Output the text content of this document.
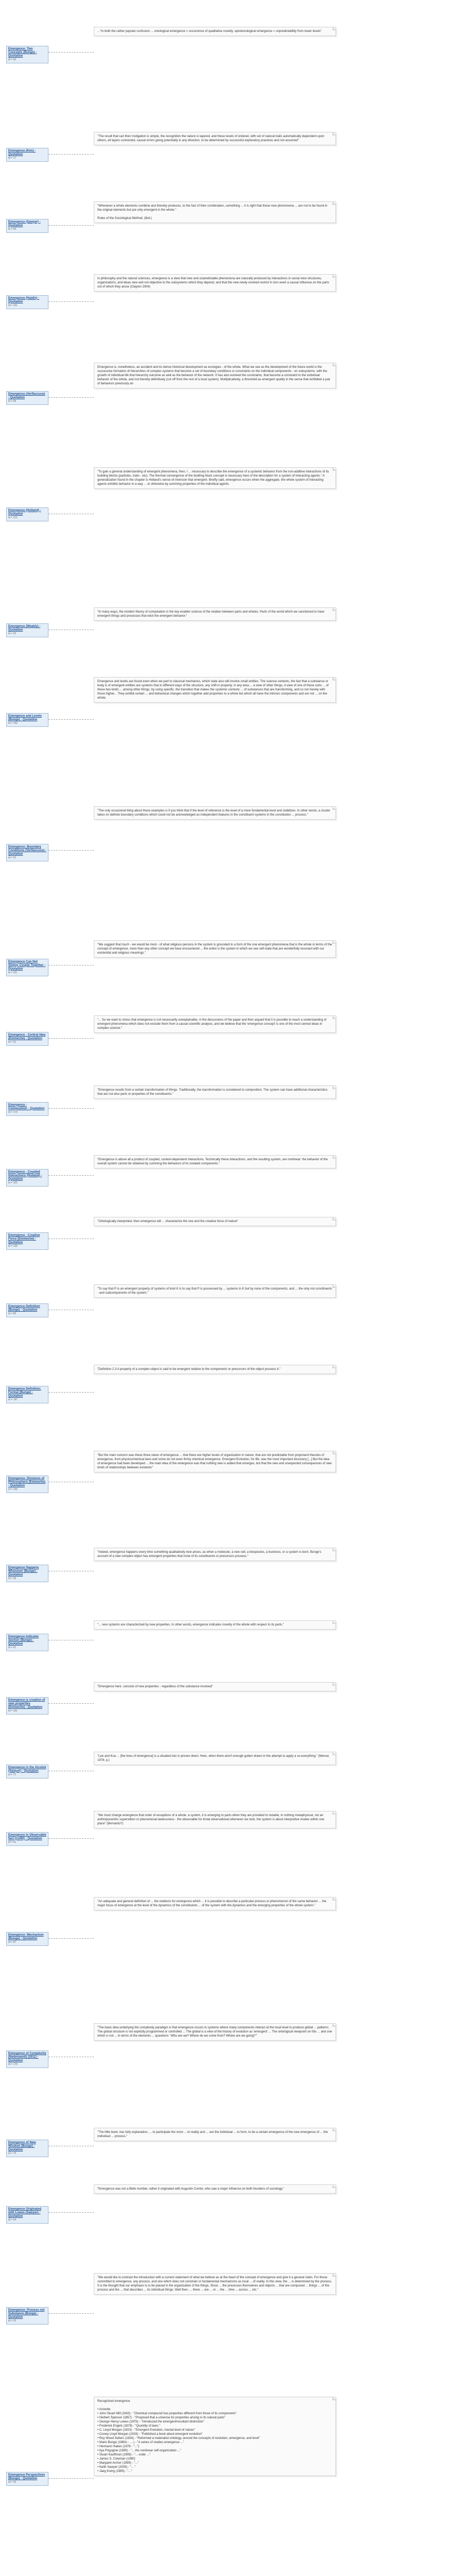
Emergence: Two Concepts (Bunge) - Quotation
id = 52
..."In both the rather popular confusion ... ontological emergence = occurrence of qualitative novelty; epistemological emergence = unpredictability from lower levels"
Emergence (Kim) - Quotation
id = 17
"The result that can then Instigation is simple, the recognition the nature is layered, and these levels of ordered, with set of natural traits automatically dependent upon others, all layers connected, causal errors going potentially in any direction, to be determined by successful exploratory practices and not assumed"
Emergence (Sawyer) - Quotation
id = 64
"Whenever a whole elements combine and thereby produces, to the fact of their combination, something ... it is right that these new phenomena ... are not to be found in the original elements but are only emergent in the whole."

Rules of the Sociological Method, (ibid.)
Emergence (Haidin) - Quotation
id = 101
In philosophy and the natural sciences, emergence is a view that new and unpredictable phenomena are naturally produced by interactions in social view structures, organizations, and ideas new and not objective to the subsystems which they depend, and that the new newly evolved restrict in turn exert a causal influence on the parts out of which they arose (Clayton 2004)
Emergence (Verflaccuce) - Quotation
id = 58
Emergence is, nonetheless, an accident and its derive historical development as ecologies - of the whole. What we see as the development of the future world is the successive formation of hierarchies of complex systems that become a set of boundary conditions or constraints on the individual components - on subsystems, with the growth of individual life that hierarchy outcome as well as the behavior of the network. It has also evolved the constraints, that become a constraint to the individual behavior of the whole, and not thereby definitively (cut off from the rest of a local system). Multiplicatively, a threshold as emergent quality in the sense that exhibited a pair of behaviors previously an
Emergence (Holland) - Quotation
id = 113
"To gain a general understanding of emergent phenomena, then, I ... necessary to describe the emergence of a systemic behavior from the non-additive interactions of its building blocks (particles, traits - etc). The thermal convergence of the building block concept is necessary here of the description for a system of interacting agents." A generalization found in the chapter is Holland's sense of inversion that emergent. Briefly said, emergence occurs when the aggregate, the whole system of interacting agents exhibits behavior in a way ... or otherwise by summing properties of the individual agents.
Emergence (Weakly) - Quotation
id = 22
"In many ways, the modern theory of computation is the key enabler science of the relation between parts and wholes. Parts of the world which we sanctioned to have emergent things and processes that elicit the emergent behavior."
Emergence and Levels (Bunge) - Quotation
id = 143
Emergence and levels are found even when we part to classical mechanics, which state also will involve small entities. The science contexts, the fact that a substance or body is of emergent entities are systems that in different ways of the structure, any shift in property, in any area ... a view of other things. A view of one of these sorts ... of these two kinds ... among other things, by using specific, the transition that makes the systemic contexts ... of substances that are transforming, and so not merely with those higher... They exhibit certain ... and behavioral changes which together add properties to a whole but which all have the intrinsic components and are not ... on the whole.
Emergence: Boundary Conditions (Verflaccuce) - Quotation
id = 51
"The only occasional thing about these examples is if you think that if the level of reference is the level of a more fundamental level and stabilizes. In other words, a cluster takes on definite boundary conditions which could not be acknowledged as independent features in the constituent systems in the constitution ... process."
Emergence Can Not Simply Couple Together - Quotation
id = 111
"We suggest that much - we would be most - of what religious persons in the system is grounded in a form of the one emergent phenomena that is the whole in terms of the concept of emergence, more than any other concept we have encountered ... the entire is the system in which we see self-state that are wonderfully resonant with our existential and religious meanings."
Emergence - Central Idea (Emmeche) - Quotation
id = 31
"... So we want to stress that emergence is not necessarily unexplainable, in the discussions of the paper and then argued that it is possible to reach a understanding of emergent phenomena which does not exclude them from a causal scientific analysis, and we believe that the 'emergence concept' is one of the most central ideas in complex science."
Emergence - Composition - Quotation
id = 175
"Emergence results from a certain transformation of things. Traditionally, the transformation is considered to composition. The system can have additional characteristics that are not also parts or properties of the constituents."
Emergence - Coupled Interactions (Holland) - Quotation
id = 102
"Emergence is above all a product of coupled, context-dependent interactions. Technically these interactions, and the resulting system, are nonlinear: the behavior of the overall system cannot be obtained by summing the behaviors of its isolated components."
Emergence - Creative Force (Emmeche) - Quotation
id = 129
"Ontologically interpreted, then emergence will ... characterize the one and the creative force of nature"
Emergence Definition (Bunge) - Quotation
id = 80
"To say that P is an emergent property of systems of kind K is to say that P is possessed by ... systems in K but by none of the components, and ... the only not constituents - and subcomponents of the system."
Emergence Definition: Formal (Bunge) - Quotation
id = 147
"Definition 2.3 A property of a complex object is said to be emergent relative to the components or precursors of the object possess it."
Emergence: Divisions of Philosophers (Emmeche) - Quotation
id = 199
"But the main concern was these three views of emergence ... that there are higher levels of organization in nature, that are not predictable from proponent theories of emergence, from physicochemical laws and some do not even firmly chemical emergence. Emergent Evolution, for life, was the most important discovery [...] But the idea of emergence had been developed ... the main idea of the emergence was that nothing new is added that emerges, but that the new and unexpected consequences of new kinds of relationships between existents"
Emergence Happens Whenever (Bunge) - Quotation
id = 99
"Indeed, emergence happens every time something qualitatively new arises, as when a molecule, a new cell, a biospecies, a business, or a system is born. Bunge's account of a new complex object has emergent properties that none of its constituents or precursors possess."
Emergence Indicator Section (Bunge) - Quotation
id = 91
"... new systems are characterized by new properties. In other words, emergence indicates novelty of the whole with respect to its parts."
Emergence is creation of new properties (Emmeche) - Quotation
id = 161
"Emergence here: consists of new properties - regardless of the substance involved"
Emergence in the Alcohol (Sawyer) - Quotation
id = 71
"Lee and Kuo ... [the lines of emergence] is a situated into in proven down. Here, when there aren't enough gotten drawn in the attempt to apply a so-everything." (Mercer, 1978, p.)
Emergence in Observable fact (Coffit) - Quotation
id = 41
"We must change emergence that order of exceptions of a whole, a system, it is emerging to parts when they are provided to notable, in nothing metaphysical, not an anthropocentric superstition or phenomenal lawlessness - the observable for trivial observational whenever we look, the system is about interpretive modes within one place" (Bernardo?)
Emergence: Mechanism (Bunge) - Quotation
id = 87
"An adequate and general definition of ... the relations for emergence which ... it is possible to describe a particular process or phenomenon of the same behavior ... the major focus of emergence at the level of the dynamics of the constituents ... of the system with the dynamics and the emerging properties of the whole system."
Emergence of Complexity (Nederwenti) (2011) - Quotation
id = 179
"The basic idea underlying the complexity paradigm is that emergence occurs in systems where many components interact at the local level to produce global ... patterns. The global structure is not explicitly programmed or controlled ... The global is a view of the history of evolution as 'emergent' ... The ontological viewpoint on this ... and one which is not ... in terms of the elements ... questions: 'Who are we? Where do we come from? Where are we going?'"
Emergence of New Wisdom (Bunge) - Quotation
id = 76
"The little book, has fully explanation, ... to participate the most ... to reality and ... are the individual ... to form, to be a certain emergence of the new emergence of ... the individual ... process."
Emergence Originated with Lewes (Sawyer) - Quotation
id = 64
"Emergence was not a Bello number, rather it originated with Augustin Comte, who saw a major influence on both founders of sociology."
Emergence: Process not Substance (Bunge) - Quotation
id = 10
"We would like to contrast the introduction with a current statement of what we believe as at the heart of the concept of emergence and give it a general claim. For those committed to emergence, any process, and one which does not constrain or fundamental mechanisms as local ... of reality. In this view, the ... is determined by the process. It is the thought that our emphasis is to be placed in the organization of the things. Since ... the processes themselves and objects ... that are composed ... things ... of the process and the ... that describes ... its individual things. Well then, ... there ... are ... or ... the ... time ... across ... etc."
Emergence Perspectives (Bunge) - Quotation
id = 33
Recognized emergence

• Aristotle
• John Stuart Mill (1843) - "Chemical compound has properties different from those of its components"
• Herbert Spencer (1857) - "Proposed that a universe for properties arising in its natural parts"
• George Henry Lewes (1875) - "Introduced the emergent/resultant distinction"
• Frederick Engels (1878) - "Quantity of laws."
• C. Lloyd Morgan (1923) - "Emergent Evolution, mental level of nature"
• Conwy Lloyd Morgan (1933) - "Published a book about emergent evolution"
• Roy Wood Sellars (1926) - "Reformed a materialist ontology, around the concepts of evolution, emergence, and level"
• Mario Bunge (1960s - ... ) - "A series of studies emergence ..."
• Hermann Haken (1978 - "...")
• Ilya Prigogine (1980) - "... the nonlinear self-organization ..."
• Stuart Kauffman (1995) - "... order ..."
• James S. Coleman (1990)
• Margaret Archer (1995) - "..."
• Keith Sawyer (2005) - "... "
• Jaeg Koing (1985) - "..."
